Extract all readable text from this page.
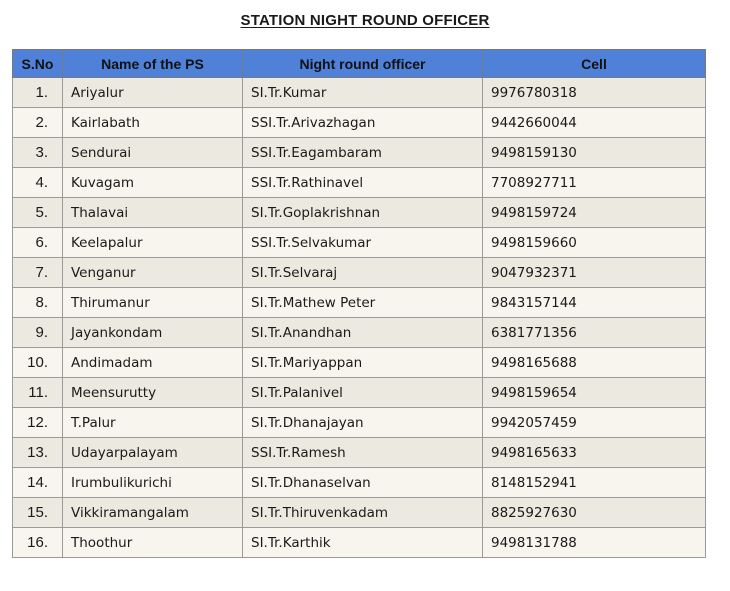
STATION NIGHT ROUND OFFICER
S.No	Name of the PS	Night round officer	Cell
1.	Ariyalur	SI.Tr.Kumar	9976780318
2.	Kairlabath	SSI.Tr.Arivazhagan	9442660044
3.	Sendurai	SSI.Tr.Eagambaram	9498159130
4.	Kuvagam	SSI.Tr.Rathinavel	7708927711
5.	Thalavai	SI.Tr.Goplakrishnan	9498159724
6.	Keelapalur	SSI.Tr.Selvakumar	9498159660
7.	Venganur	SI.Tr.Selvaraj	9047932371
8.	Thirumanur	SI.Tr.Mathew Peter	9843157144
9.	Jayankondam	SI.Tr.Anandhan	6381771356
10.	Andimadam	SI.Tr.Mariyappan	9498165688
11.	Meensurutty	SI.Tr.Palanivel	9498159654
12.	T.Palur	SI.Tr.Dhanajayan	9942057459
13.	Udayarpalayam	SSI.Tr.Ramesh	9498165633
14.	Irumbulikurichi	SI.Tr.Dhanaselvan	8148152941
15.	Vikkiramangalam	SI.Tr.Thiruvenkadam	8825927630
16.	Thoothur	SI.Tr.Karthik	9498131788
